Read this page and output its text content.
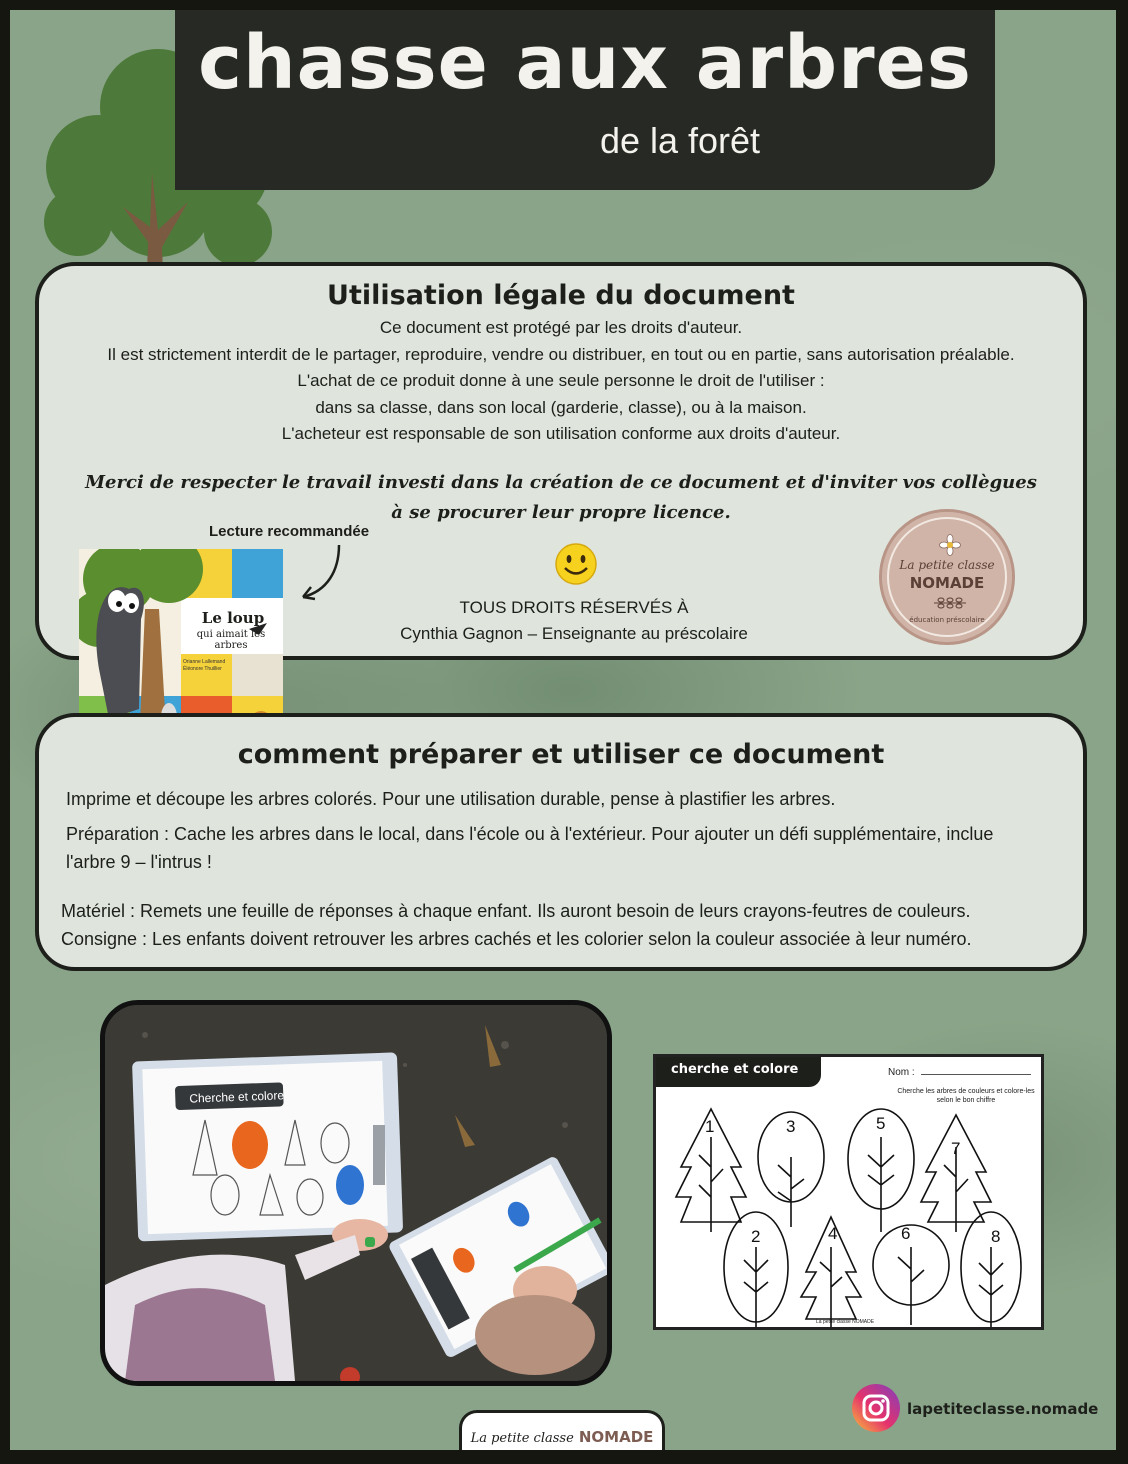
chasse aux arbres
de la forêt
Utilisation légale du document
Ce document est protégé par les droits d'auteur.
Il est strictement interdit de le partager, reproduire, vendre ou distribuer, en tout ou en partie, sans autorisation préalable.
L'achat de ce produit donne à une seule personne le droit de l'utiliser :
dans sa classe, dans son local (garderie, classe), ou à la maison.
L'acheteur est responsable de son utilisation conforme aux droits d'auteur.
Merci de respecter le travail investi dans la création de ce document et d'inviter vos collègues
à se procurer leur propre licence.
Lecture recommandée
Le loup
qui aimait les arbres
Orianne Lallemand
Éléonore Thuillier
TOUS DROITS RÉSERVÉS À
Cynthia Gagnon – Enseignante au préscolaire
La petite classe
NOMADE
éducation préscolaire
comment préparer et utiliser ce document
Imprime et découpe les arbres colorés. Pour une utilisation durable, pense à plastifier les arbres.
Préparation : Cache les arbres dans le local, dans l'école ou à l'extérieur. Pour ajouter un défi supplémentaire, inclue
l'arbre 9 – l'intrus !
Matériel : Remets une feuille de réponses à chaque enfant. Ils auront besoin de leurs crayons-feutres de couleurs.
Consigne : Les enfants doivent retrouver les arbres cachés et les colorier selon la couleur associée à leur numéro.
Cherche et colore
cherche et colore	Nom :
Cherche les arbres de couleurs et colore-les selon le bon chiffre
1	3	5
7
2	4	6	8
La petite classe NOMADE
lapetiteclasse.nomade
La petite classe NOMADE
